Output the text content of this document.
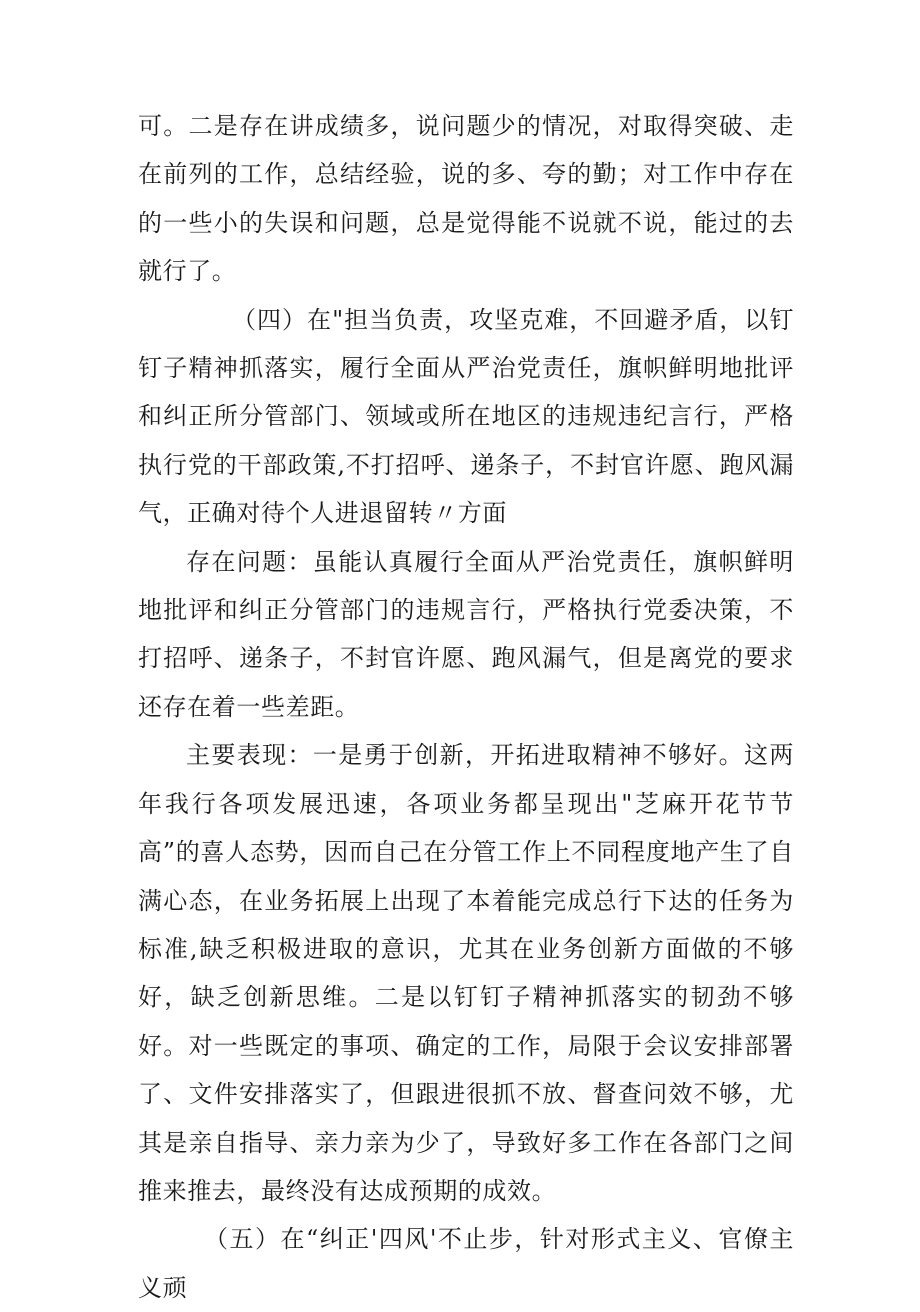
可。二是存在讲成绩多，说问题少的情况，对取得突破、走在前列的工作，总结经验，说的多、夸的勤；对工作中存在的一些小的失误和问题，总是觉得能不说就不说，能过的去就行了。

（四）在"担当负责，攻坚克难，不回避矛盾，以钉钉子精神抓落实，履行全面从严治党责任，旗帜鲜明地批评和纠正所分管部门、领域或所在地区的违规违纪言行，严格执行党的干部政策,不打招呼、递条子，不封官许愿、跑风漏气，正确对待个人进退留转〃方面

存在问题：虽能认真履行全面从严治党责任，旗帜鲜明地批评和纠正分管部门的违规言行，严格执行党委决策，不打招呼、递条子，不封官许愿、跑风漏气，但是离党的要求还存在着一些差距。

主要表现：一是勇于创新，开拓进取精神不够好。这两年我行各项发展迅速，各项业务都呈现出"芝麻开花节节高”的喜人态势，因而自己在分管工作上不同程度地产生了自满心态，在业务拓展上出现了本着能完成总行下达的任务为标准,缺乏积极进取的意识，尤其在业务创新方面做的不够好，缺乏创新思维。二是以钉钉子精神抓落实的韧劲不够好。对一些既定的事项、确定的工作，局限于会议安排部署了、文件安排落实了，但跟进很抓不放、督查问效不够，尤其是亲自指导、亲力亲为少了，导致好多工作在各部门之间推来推去，最终没有达成预期的成效。

（五）在“纠正'四风'不止步，针对形式主义、官僚主义顽
